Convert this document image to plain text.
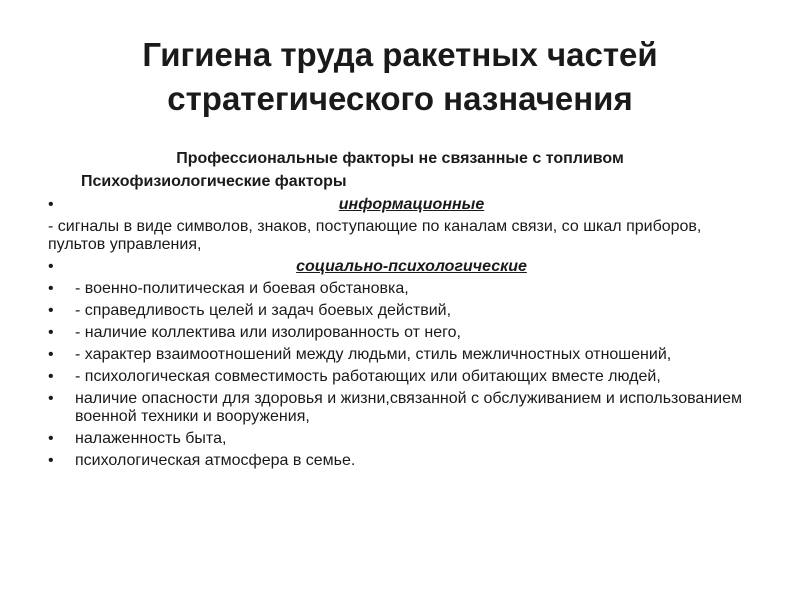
Гигиена труда ракетных частей
стратегического назначения
Профессиональные факторы не связанные с топливом
Психофизиологические факторы
•	информационные
- сигналы в виде символов, знаков, поступающие по каналам связи, со шкал приборов, пультов управления,
•	социально-психологические
• - военно-политическая и боевая обстановка,
• - справедливость целей и задач боевых действий,
• - наличие коллектива или изолированность от него,
• - характер взаимоотношений между людьми, стиль межличностных отношений,
• - психологическая совместимость работающих или обитающих вместе людей,
• наличие опасности для здоровья и жизни,связанной с обслуживанием и использованием военной техники и вооружения,
• налаженность быта,
• психологическая атмосфера в семье.
